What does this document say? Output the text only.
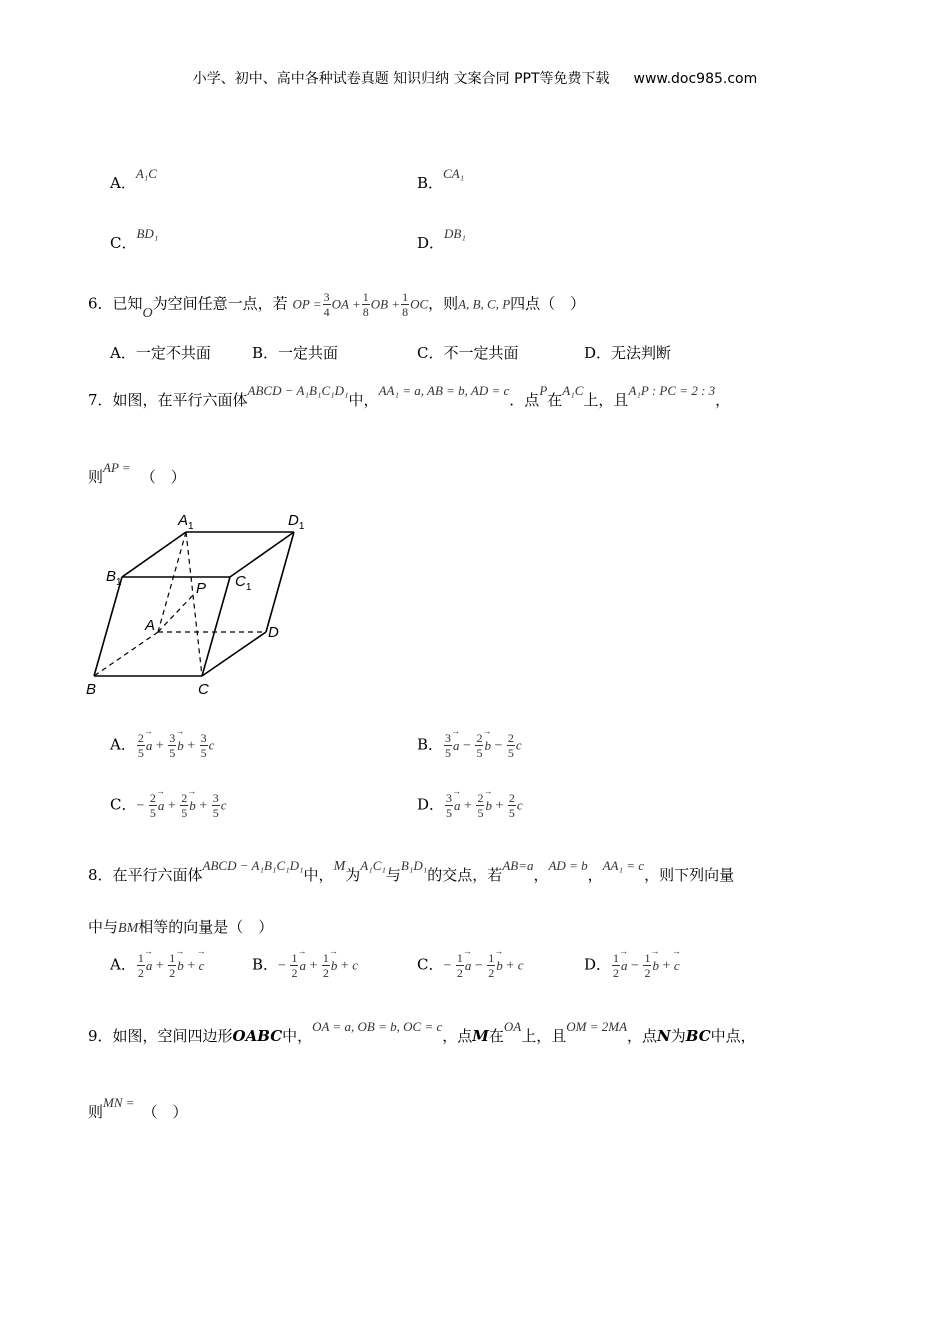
小学、初中、高中各种试卷真题 知识归纳 文案合同 PPT等免费下载 www.doc985.com
A．A₁C
B．CA₁
C．BD₁
D．DB₁
6．已知O为空间任意一点，若 OP = $\frac{3}{4}$ OA + $\frac{1}{8}$ OB + $\frac{1}{8}$ OC，则A, B, C, P四点（　）
A．一定不共面	B．一定共面	C．不一定共面	D．无法判断
7．如图，在平行六面体ABCD − A₁B₁C₁D₁中，AA₁ = a, AB = b, AD = c．点P在A₁C上，且A₁P : PC = 2 : 3，
则AP =（　）
$A_1$	$D_1$
$B_1$	$C_1$
P
A	D
B	C
A． $\frac{2}{5}$
→ $a + \frac{3}{5}$
→ $b + \frac{3}{5}$ c	B． $\frac{3}{5}$
→ $a - \frac{2}{5}$
→ $b - \frac{2}{5}$ c
C．− $\frac{2}{5}$
→ $a + \frac{2}{5}$
→ $b + \frac{3}{5}$ c	D． $\frac{3}{5}$
→ $a + \frac{2}{5}$
→ $b + \frac{2}{5}$ c
8．在平行六面体ABCD − A₁B₁C₁D₁中，M为A₁C₁与B₁D₁的交点，若AB=a，AD = b，AA₁ = c，则下列向量
中与BM相等的向量是（　）
A． $\frac{1}{2}$
→ $a + \frac{1}{2}$
→ b + → c	B．− $\frac{1}{2}$
→ $a + \frac{1}{2}$
→ b + c	C．− $\frac{1}{2}$
→ $a - \frac{1}{2}$
→ b + c	D． $\frac{1}{2}$
→ $a - \frac{1}{2}$
→ b + → c
9．如图，空间四边形OABC中，OA = a, OB = b, OC = c，点M在OA上，且OM = 2MA，点N为BC中点，
则MN =（　）
